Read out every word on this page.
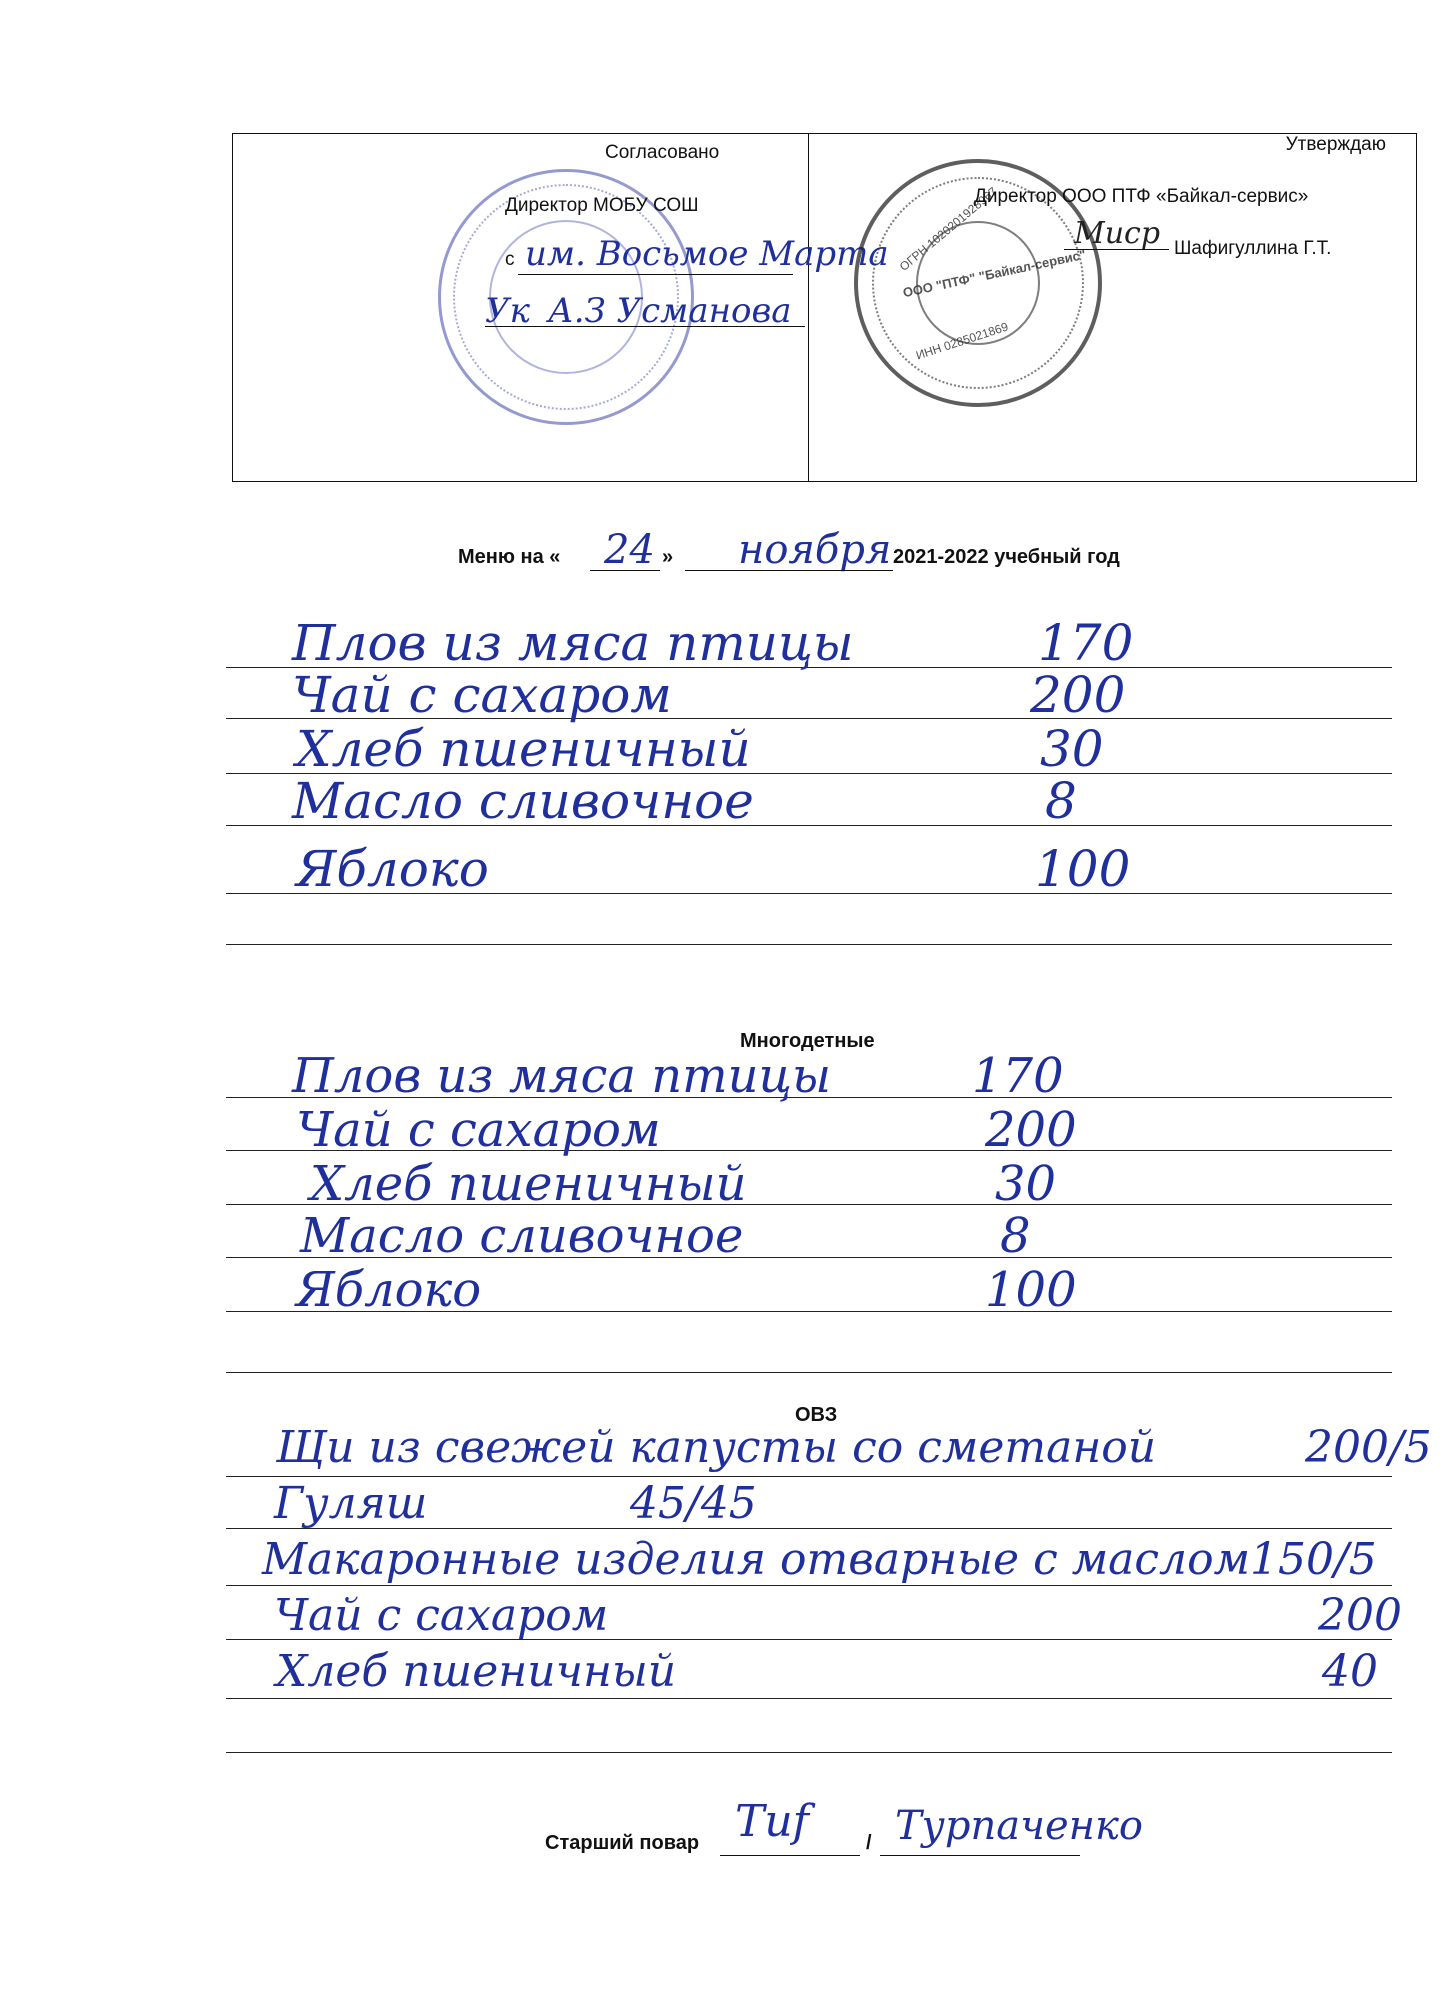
Согласовано
Директор МОБУ СОШ
с им. Восьмое Марта
Ук А.З Усманова
ООО "ПТФ" "Байкал-сервис"
ОГРН 1020201928967
ИНН 0285021869
Утверждаю
Директор ООО ПТФ «Байкал-сервис»
Мuср Шафигуллина Г.Т.
Меню на « 24 » ноября 2021-2022 учебный год
Плов из мяса птицы	170
Чай с сахаром	200
Хлеб пшеничный	30
Масло сливочное	8
Яблоко	100
Многодетные
Плов из мяса птицы	170
Чай с сахаром	200
Хлеб пшеничный	30
Масло сливочное	8
Яблоко	100
ОВЗ
Щи из свежей капусты со сметаной	200/5
Гуляш	45/45
Макаронные изделия отварные с маслом 150/5
Чай с сахаром	200
Хлеб пшеничный	40
Старший повар Тиf	/ Турпаченко
